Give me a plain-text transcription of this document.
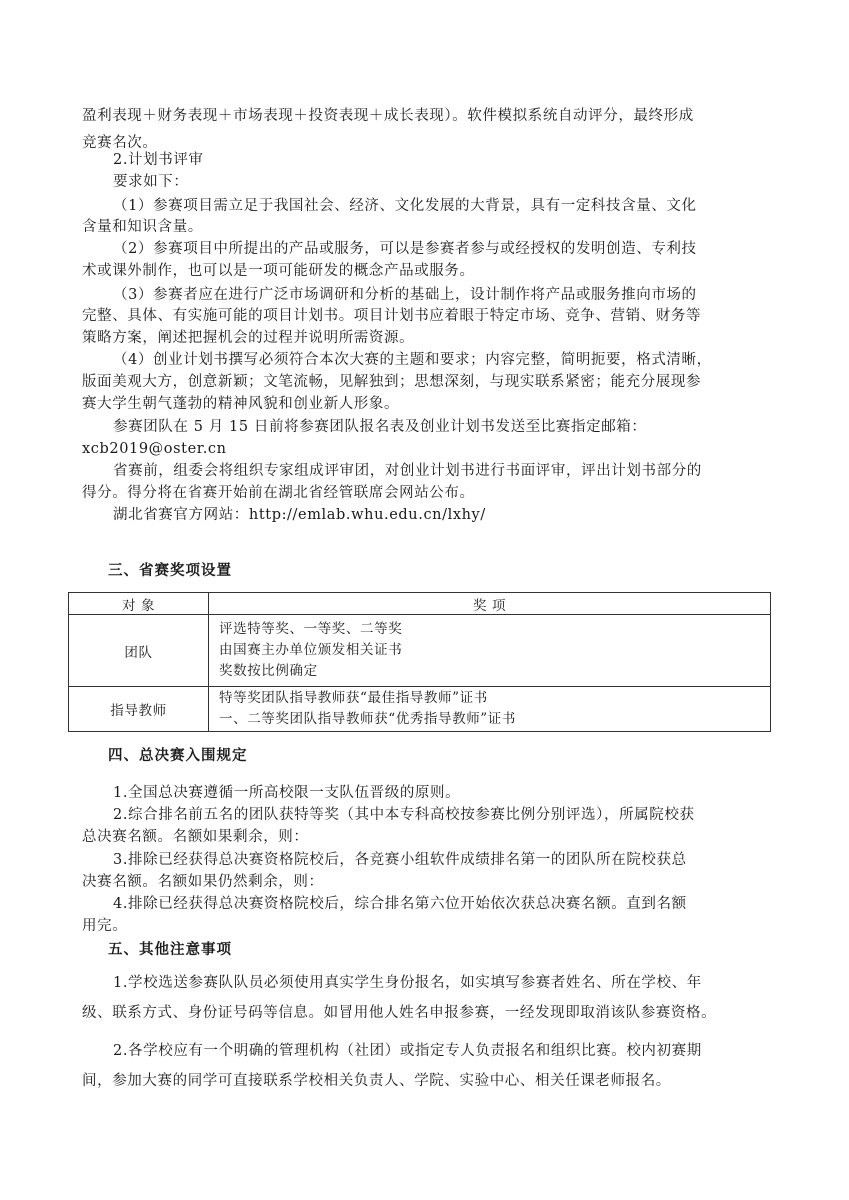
盈利表现＋财务表现＋市场表现＋投资表现＋成长表现）。软件模拟系统自动评分，最终形成
竞赛名次。
2.计划书评审
要求如下：
（1）参赛项目需立足于我国社会、经济、文化发展的大背景，具有一定科技含量、文化
含量和知识含量。
（2）参赛项目中所提出的产品或服务，可以是参赛者参与或经授权的发明创造、专利技
术或课外制作，也可以是一项可能研发的概念产品或服务。
（3）参赛者应在进行广泛市场调研和分析的基础上，设计制作将产品或服务推向市场的
完整、具体、有实施可能的项目计划书。项目计划书应着眼于特定市场、竞争、营销、财务等
策略方案，阐述把握机会的过程并说明所需资源。
（4）创业计划书撰写必须符合本次大赛的主题和要求；内容完整，简明扼要，格式清晰，
版面美观大方，创意新颖；文笔流畅，见解独到；思想深刻，与现实联系紧密；能充分展现参
赛大学生朝气蓬勃的精神风貌和创业新人形象。
参赛团队在 5 月 15 日前将参赛团队报名表及创业计划书发送至比赛指定邮箱：
xcb2019@oster.cn
省赛前，组委会将组织专家组成评审团，对创业计划书进行书面评审，评出计划书部分的
得分。得分将在省赛开始前在湖北省经管联席会网站公布。
湖北省赛官方网站：http://emlab.whu.edu.cn/lxhy/
三、省赛奖项设置
对 象	奖 项
团队	评选特等奖、一等奖、二等奖
由国赛主办单位颁发相关证书
奖数按比例确定

指导教师	特等奖团队指导教师获“最佳指导教师”证书
一、二等奖团队指导教师获“优秀指导教师”证书
四、总决赛入围规定
1.全国总决赛遵循一所高校限一支队伍晋级的原则。
2.综合排名前五名的团队获特等奖（其中本专科高校按参赛比例分别评选），所属院校获
总决赛名额。名额如果剩余，则：
3.排除已经获得总决赛资格院校后，各竞赛小组软件成绩排名第一的团队所在院校获总
决赛名额。名额如果仍然剩余，则：
4.排除已经获得总决赛资格院校后，综合排名第六位开始依次获总决赛名额。直到名额
用完。
五、其他注意事项
1.学校选送参赛队队员必须使用真实学生身份报名，如实填写参赛者姓名、所在学校、年
级、联系方式、身份证号码等信息。如冒用他人姓名申报参赛，一经发现即取消该队参赛资格。
2.各学校应有一个明确的管理机构（社团）或指定专人负责报名和组织比赛。校内初赛期
间，参加大赛的同学可直接联系学校相关负责人、学院、实验中心、相关任课老师报名。
